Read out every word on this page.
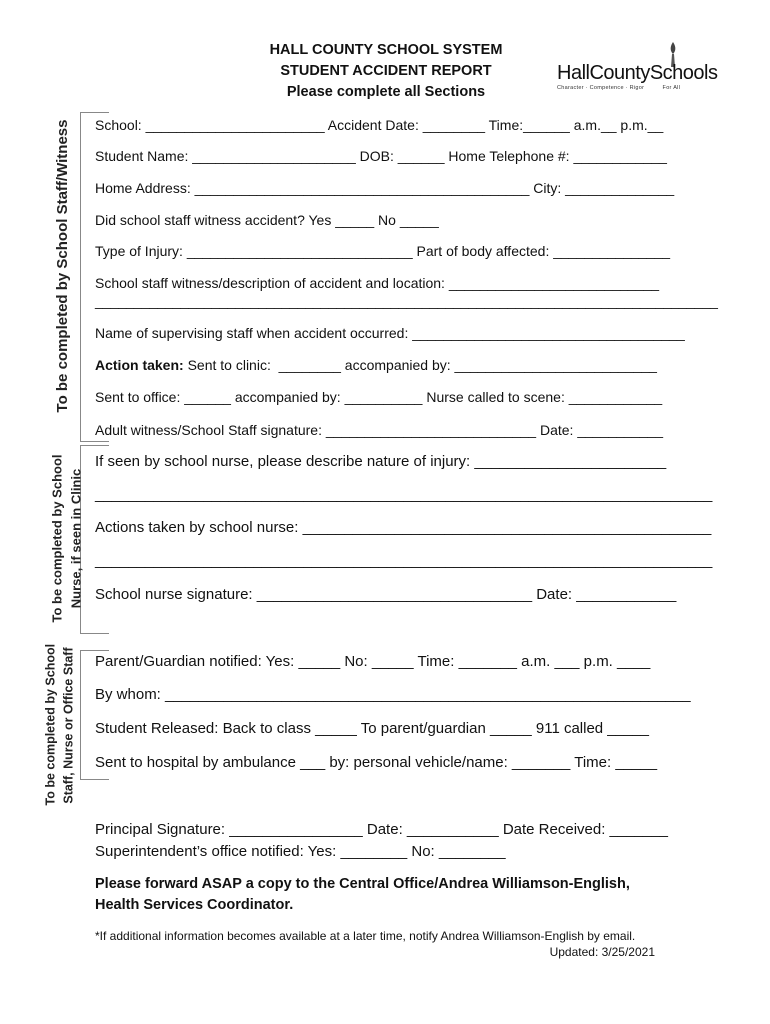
HALL COUNTY SCHOOL SYSTEM
STUDENT ACCIDENT REPORT
Please complete all Sections
HallCountySchools
Character · Competence · Rigor          For All
To be completed by School Staff/Witness School: _______________________ Accident Date: ________ Time:______ a.m.__ p.m.__
Student Name: _____________________ DOB: ______ Home Telephone #: ____________
Home Address: ___________________________________________ City: ______________
Did school staff witness accident? Yes _____ No _____
Type of Injury: _____________________________ Part of body affected: _______________
School staff witness/description of accident and location: ___________________________
________________________________________________________________________________
Name of supervising staff when accident occurred: ___________________________________
Action taken: Sent to clinic:  ________ accompanied by: __________________________
Sent to office: ______ accompanied by: __________ Nurse called to scene: ____________
Adult witness/School Staff signature: ___________________________ Date: ___________
To be completed by School Nurse, if seen in Clinic
If seen by school nurse, please describe nature of injury: _______________________
__________________________________________________________________________
Actions taken by school nurse: _________________________________________________
__________________________________________________________________________
School nurse signature: _________________________________ Date: ____________
To be completed by School Staff, Nurse or Office Staff Parent/Guardian notified: Yes: _____ No: _____ Time: _______ a.m. ___ p.m. ____
By whom: _______________________________________________________________
Student Released: Back to class _____ To parent/guardian _____ 911 called _____
Sent to hospital by ambulance ___ by: personal vehicle/name: _______ Time: _____
Principal Signature: ________________ Date: ___________ Date Received: _______
Superintendent’s office notified: Yes: ________ No: ________
Please forward ASAP a copy to the Central Office/Andrea Williamson-English,
Health Services Coordinator.
*If additional information becomes available at a later time, notify Andrea Williamson-English by email.
Updated: 3/25/2021
